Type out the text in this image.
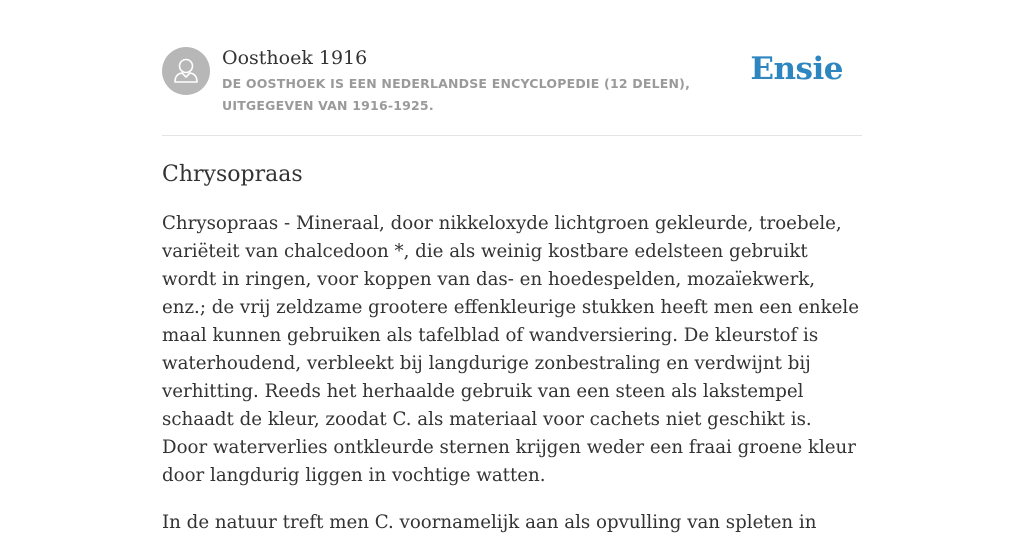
Oosthoek 1916

DE OOSTHOEK IS EEN NEDERLANDSE ENCYCLOPEDIE (12 DELEN), UITGEGEVEN VAN 1916-1925.

Ensie
Chrysopraas

Chrysopraas - Mineraal, door nikkeloxyde lichtgroen gekleurde, troebele, variëteit van chalcedoon *, die als weinig kostbare edelsteen gebruikt wordt in ringen, voor koppen van das- en hoedespelden, mozaïekwerk, enz.; de vrij zeldzame grootere effenkleurige stukken heeft men een enkele maal kunnen gebruiken als tafelblad of wandversiering. De kleurstof is waterhoudend, verbleekt bij langdurige zonbestraling en verdwijnt bij verhitting. Reeds het herhaalde gebruik van een steen als lakstempel schaadt de kleur, zoodat C. als materiaal voor cachets niet geschikt is. Door waterverlies ontkleurde sternen krijgen weder een fraai groene kleur door langdurig liggen in vochtige watten.

In de natuur treft men C. voornamelijk aan als opvulling van spleten in
